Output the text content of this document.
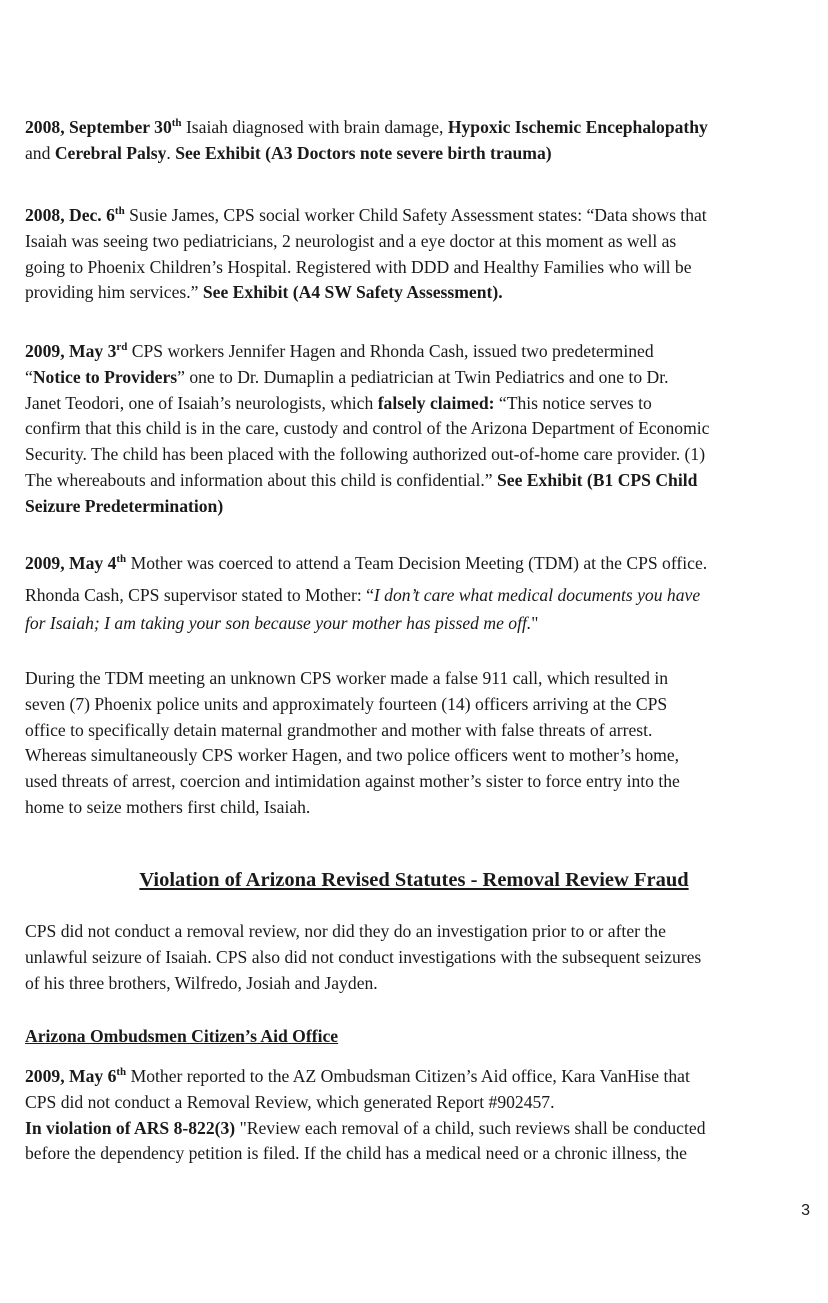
2008, September 30th Isaiah diagnosed with brain damage, Hypoxic Ischemic Encephalopathy
and Cerebral Palsy. See Exhibit (A3 Doctors note severe birth trauma)
2008, Dec. 6th Susie James, CPS social worker Child Safety Assessment states: “Data shows that
Isaiah was seeing two pediatricians, 2 neurologist and a eye doctor at this moment as well as
going to Phoenix Children’s Hospital. Registered with DDD and Healthy Families who will be
providing him services.” See Exhibit (A4 SW Safety Assessment).
2009, May 3rd CPS workers Jennifer Hagen and Rhonda Cash, issued two predetermined
“Notice to Providers” one to Dr. Dumaplin a pediatrician at Twin Pediatrics and one to Dr.
Janet Teodori, one of Isaiah’s neurologists, which falsely claimed: “This notice serves to
confirm that this child is in the care, custody and control of the Arizona Department of Economic
Security. The child has been placed with the following authorized out-of-home care provider. (1)
The whereabouts and information about this child is confidential.” See Exhibit (B1 CPS Child
Seizure Predetermination)
2009, May 4th Mother was coerced to attend a Team Decision Meeting (TDM) at the CPS office.
Rhonda Cash, CPS supervisor stated to Mother: “I don’t care what medical documents you have
for Isaiah; I am taking your son because your mother has pissed me off."
During the TDM meeting an unknown CPS worker made a false 911 call, which resulted in
seven (7) Phoenix police units and approximately fourteen (14) officers arriving at the CPS
office to specifically detain maternal grandmother and mother with false threats of arrest.
Whereas simultaneously CPS worker Hagen, and two police officers went to mother’s home,
used threats of arrest, coercion and intimidation against mother’s sister to force entry into the
home to seize mothers first child, Isaiah.
Violation of Arizona Revised Statutes - Removal Review Fraud
CPS did not conduct a removal review, nor did they do an investigation prior to or after the
unlawful seizure of Isaiah. CPS also did not conduct investigations with the subsequent seizures
of his three brothers, Wilfredo, Josiah and Jayden.
Arizona Ombudsmen Citizen’s Aid Office
2009, May 6th Mother reported to the AZ Ombudsman Citizen’s Aid office, Kara VanHise that
CPS did not conduct a Removal Review, which generated Report #902457.
In violation of ARS 8-822(3) "Review each removal of a child, such reviews shall be conducted
before the dependency petition is filed. If the child has a medical need or a chronic illness, the
3
